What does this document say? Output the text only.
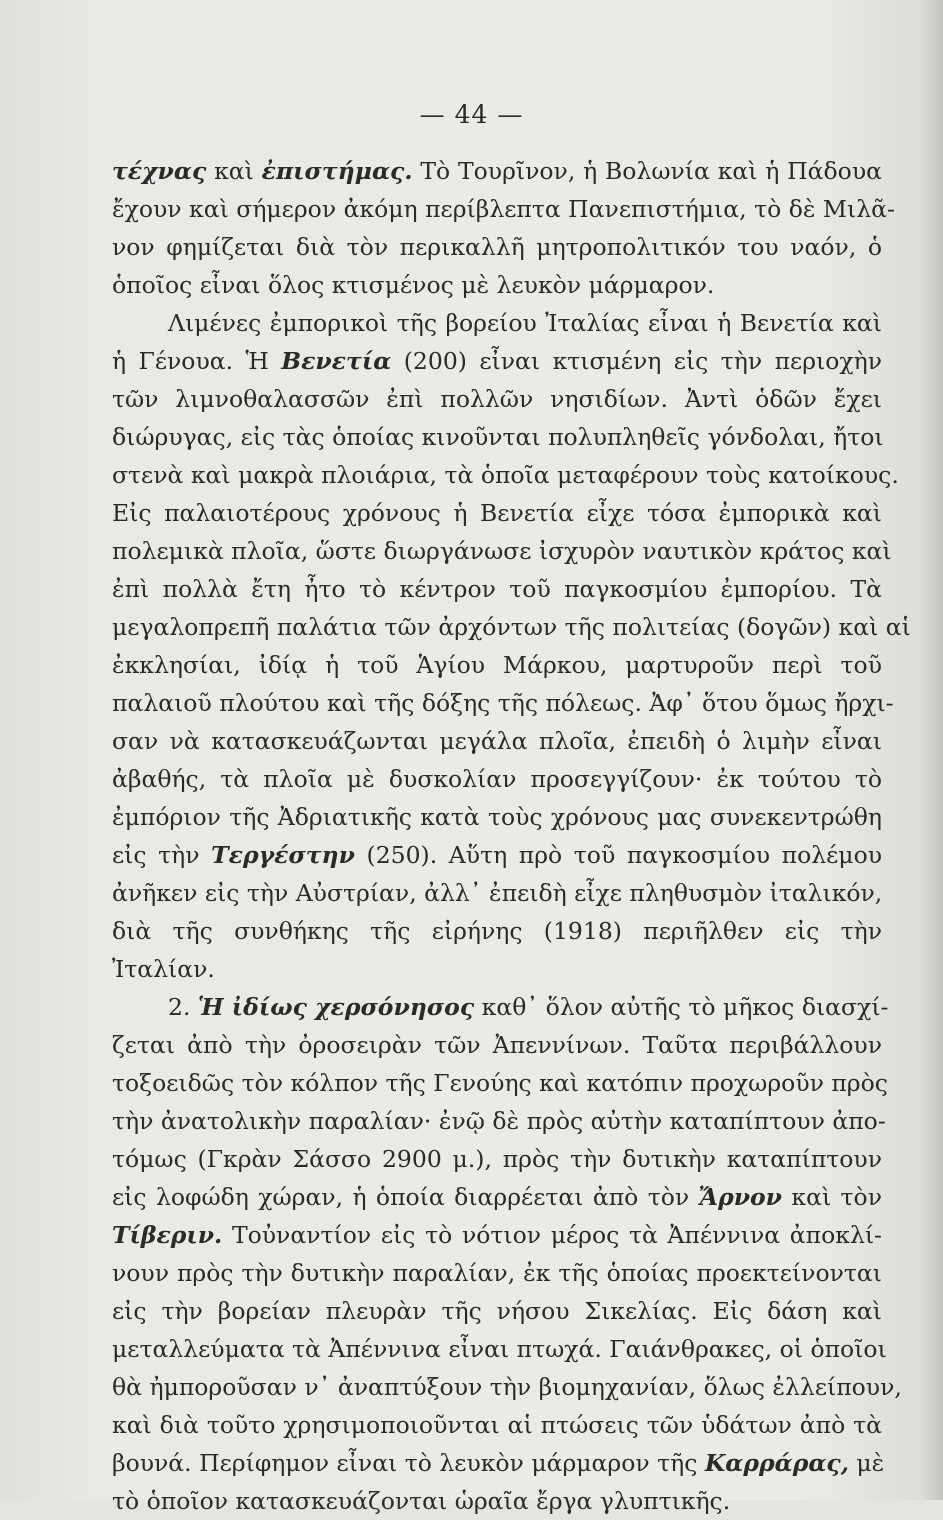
— 44 —
τέχνας καὶ ἐπιστήμας. Τὸ Τουρῖνον, ἡ Βολωνία καὶ ἡ Πάδουα
ἔχουν καὶ σήμερον ἀκόμη περίβλεπτα Πανεπιστήμια, τὸ δὲ Μιλᾶ-
νον φημίζεται διὰ τὸν περικαλλῆ μητροπολιτικόν του ναόν, ὁ
ὁποῖος εἶναι ὅλος κτισμένος μὲ λευκὸν μάρμαρον.
Λιμένες ἐμπορικοὶ τῆς βορείου Ἰταλίας εἶναι ἡ Βενετία καὶ
ἡ Γένουα. Ἡ Βενετία (200) εἶναι κτισμένη εἰς τὴν περιοχὴν
τῶν λιμνοθαλασσῶν ἐπὶ πολλῶν νησιδίων. Ἀντὶ ὁδῶν ἔχει
διώρυγας, εἰς τὰς ὁποίας κινοῦνται πολυπληθεῖς γόνδολαι, ἤτοι
στενὰ καὶ μακρὰ πλοιάρια, τὰ ὁποῖα μεταφέρουν τοὺς κατοίκους.
Εἰς παλαιοτέρους χρόνους ἡ Βενετία εἶχε τόσα ἐμπορικὰ καὶ
πολεμικὰ πλοῖα, ὥστε διωργάνωσε ἰσχυρὸν ναυτικὸν κράτος καὶ
ἐπὶ πολλὰ ἔτη ἦτο τὸ κέντρον τοῦ παγκοσμίου ἐμπορίου. Τὰ
μεγαλοπρεπῆ παλάτια τῶν ἀρχόντων τῆς πολιτείας (δογῶν) καὶ αἱ
ἐκκλησίαι, ἰδίᾳ ἡ τοῦ Ἁγίου Μάρκου, μαρτυροῦν περὶ τοῦ
παλαιοῦ πλούτου καὶ τῆς δόξης τῆς πόλεως. Ἀφ᾽ ὅτου ὅμως ἤρχι-
σαν νὰ κατασκευάζωνται μεγάλα πλοῖα, ἐπειδὴ ὁ λιμὴν εἶναι
ἀβαθής, τὰ πλοῖα μὲ δυσκολίαν προσεγγίζουν· ἐκ τούτου τὸ
ἐμπόριον τῆς Ἀδριατικῆς κατὰ τοὺς χρόνους μας συνεκεντρώθη
εἰς τὴν Τεργέστην (250). Αὕτη πρὸ τοῦ παγκοσμίου πολέμου
ἀνῆκεν εἰς τὴν Αὐστρίαν, ἀλλ᾽ ἐπειδὴ εἶχε πληθυσμὸν ἰταλικόν,
διὰ τῆς συνθήκης τῆς εἰρήνης (1918) περιῆλθεν εἰς τὴν
Ἰταλίαν.
2. Ἡ ἰδίως χερσόνησος καθ᾽ ὅλον αὐτῆς τὸ μῆκος διασχί-
ζεται ἀπὸ τὴν ὀροσειρὰν τῶν Ἀπεννίνων. Ταῦτα περιβάλλουν
τοξοειδῶς τὸν κόλπον τῆς Γενούης καὶ κατόπιν προχωροῦν πρὸς
τὴν ἀνατολικὴν παραλίαν· ἐνῷ δὲ πρὸς αὐτὴν καταπίπτουν ἀπο-
τόμως (Γκρὰν Σάσσο 2900 μ.), πρὸς τὴν δυτικὴν καταπίπτουν
εἰς λοφώδη χώραν, ἡ ὁποία διαρρέεται ἀπὸ τὸν Ἄρνον καὶ τὸν
Τίβεριν. Τοὐναντίον εἰς τὸ νότιον μέρος τὰ Ἀπέννινα ἀποκλί-
νουν πρὸς τὴν δυτικὴν παραλίαν, ἐκ τῆς ὁποίας προεκτείνονται
εἰς τὴν βορείαν πλευρὰν τῆς νήσου Σικελίας. Εἰς δάση καὶ
μεταλλεύματα τὰ Ἀπέννινα εἶναι πτωχά. Γαιάνθρακες, οἱ ὁποῖοι
θὰ ἠμποροῦσαν ν᾽ ἀναπτύξουν τὴν βιομηχανίαν, ὅλως ἐλλείπουν,
καὶ διὰ τοῦτο χρησιμοποιοῦνται αἱ πτώσεις τῶν ὑδάτων ἀπὸ τὰ
βουνά. Περίφημον εἶναι τὸ λευκὸν μάρμαρον τῆς Καρράρας, μὲ
τὸ ὁποῖον κατασκευάζονται ὡραῖα ἔργα γλυπτικῆς.
